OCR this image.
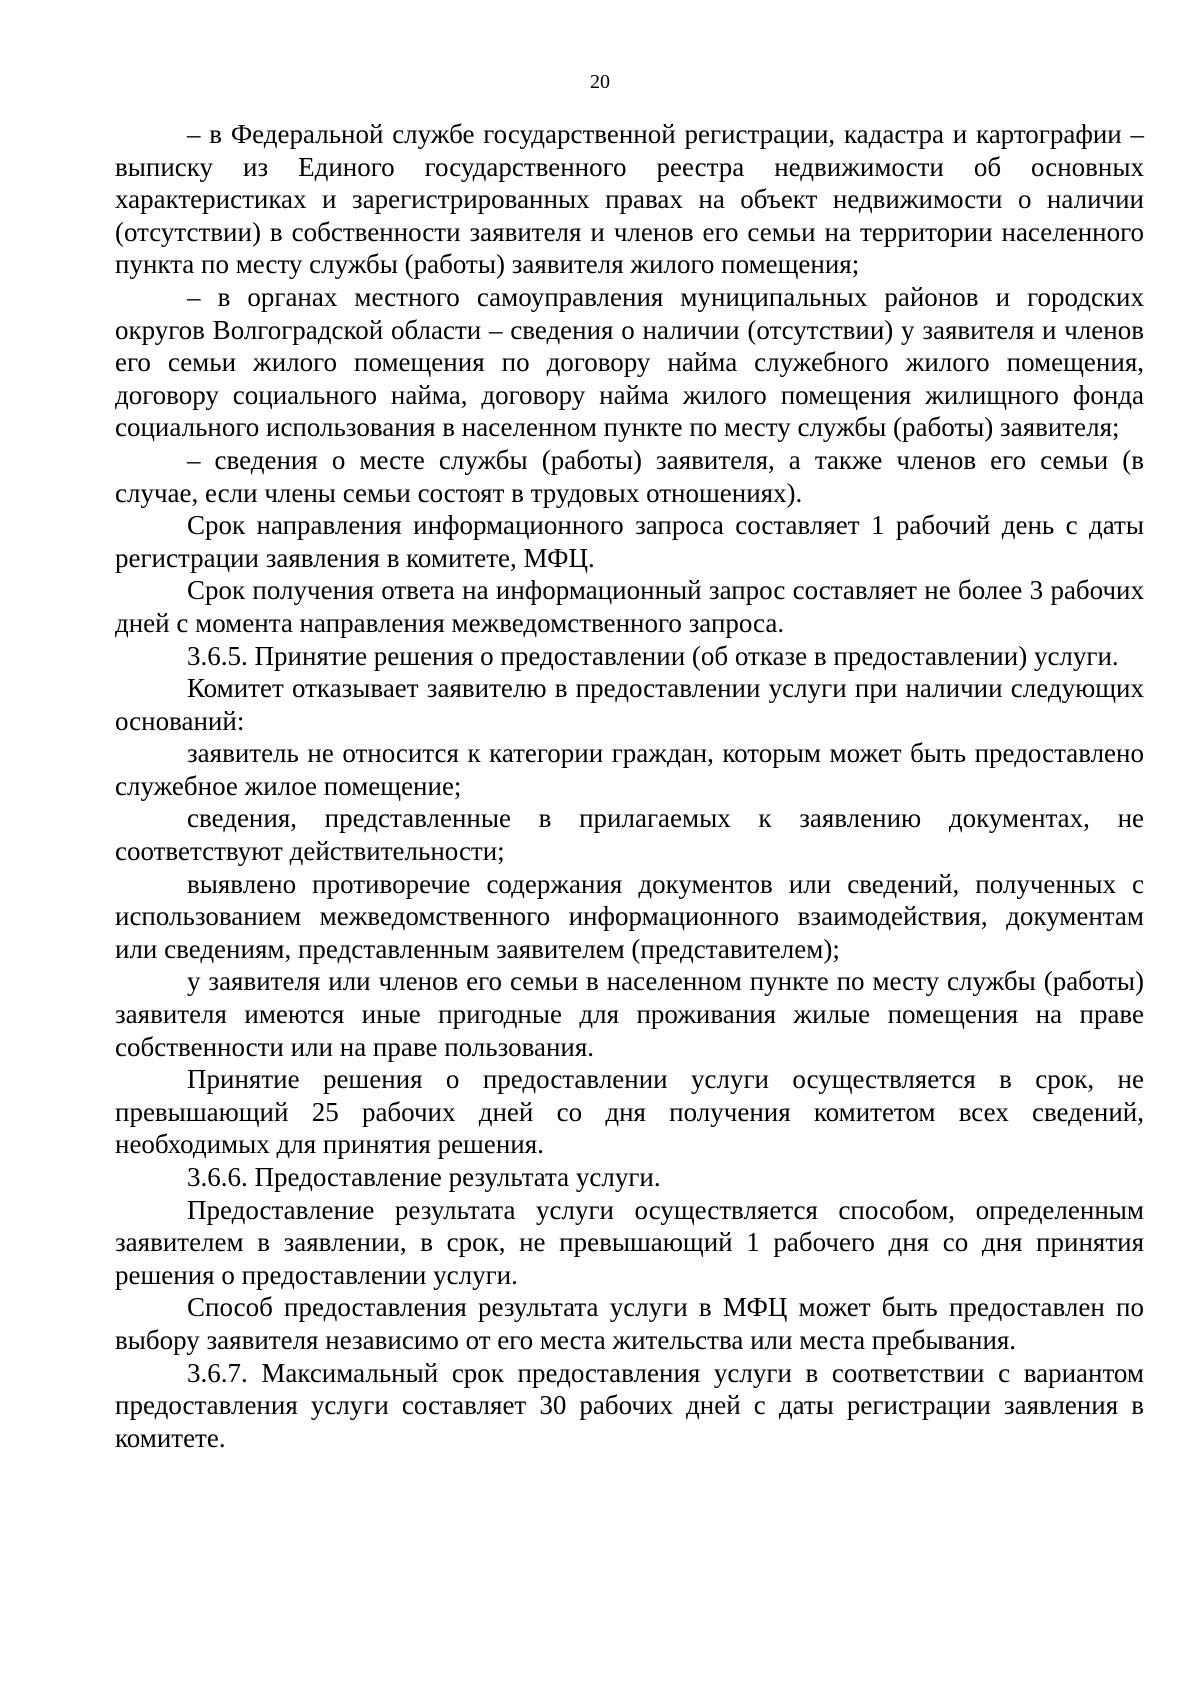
20

– в Федеральной службе государственной регистрации, кадастра и картографии – выписку из Единого государственного реестра недвижимости об основных характеристиках и зарегистрированных правах на объект недвижимости о наличии (отсутствии) в собственности заявителя и членов его семьи на территории населенного пункта по месту службы (работы) заявителя жилого помещения;

– в органах местного самоуправления муниципальных районов и городских округов Волгоградской области – сведения о наличии (отсутствии) у заявителя и членов его семьи жилого помещения по договору найма служебного жилого помещения, договору социального найма, договору найма жилого помещения жилищного фонда социального использования в населенном пункте по месту службы (работы) заявителя;

– сведения о месте службы (работы) заявителя, а также членов его семьи (в случае, если члены семьи состоят в трудовых отношениях).

Срок направления информационного запроса составляет 1 рабочий день с даты регистрации заявления в комитете, МФЦ.

Срок получения ответа на информационный запрос составляет не более 3 рабочих дней с момента направления межведомственного запроса.

3.6.5. Принятие решения о предоставлении (об отказе в предоставлении) услуги.

Комитет отказывает заявителю в предоставлении услуги при наличии следующих оснований:

заявитель не относится к категории граждан, которым может быть предоставлено служебное жилое помещение;

сведения, представленные в прилагаемых к заявлению документах, не соответствуют действительности;

выявлено противоречие содержания документов или сведений, полученных с использованием межведомственного информационного взаимодействия, документам или сведениям, представленным заявителем (представителем);

у заявителя или членов его семьи в населенном пункте по месту службы (работы) заявителя имеются иные пригодные для проживания жилые помещения на праве собственности или на праве пользования.

Принятие решения о предоставлении услуги осуществляется в срок, не превышающий 25 рабочих дней со дня получения комитетом всех сведений, необходимых для принятия решения.

3.6.6. Предоставление результата услуги.

Предоставление результата услуги осуществляется способом, определенным заявителем в заявлении, в срок, не превышающий 1 рабочего дня со дня принятия решения о предоставлении услуги.

Способ предоставления результата услуги в МФЦ может быть предоставлен по выбору заявителя независимо от его места жительства или места пребывания.

3.6.7. Максимальный срок предоставления услуги в соответствии с вариантом предоставления услуги составляет 30 рабочих дней с даты регистрации заявления в комитете.
